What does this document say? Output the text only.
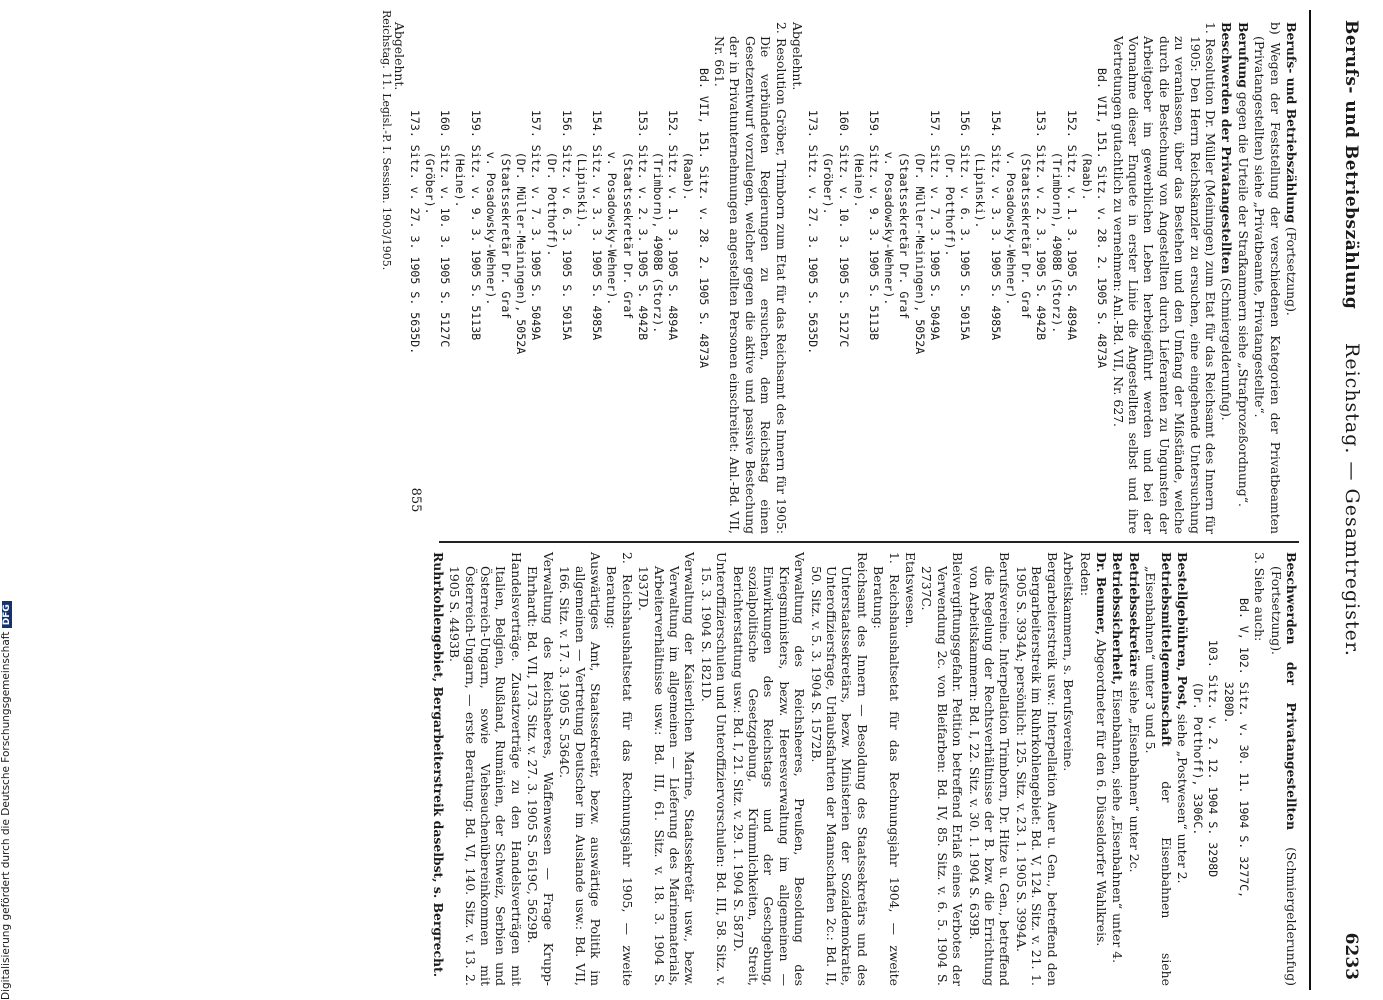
Berufs- und Betriebszählung
Reichstag. — Gesamtregister.
6233

Berufs- und Betriebszählung (Fortsetzung).

b) Wegen der Feststellung der verschiedenen Kategorien der Privatbeamten (Privatangestellten) siehe „Privatbeamte, Privatangestellte“.

Berufung gegen die Urteile der Strafkammern siehe „Strafprozeßordnung“.

Beschwerden der Privatangestellten (Schmiergelderunfug).

1. Resolution Dr. Müller (Meiningen) zum Etat für das Reichsamt des Innern für 1905: Den Herrn Reichskanzler zu ersuchen, eine eingehende Untersuchung zu veranlassen, über das Bestehen und den Umfang der Mißstände, welche durch die Bestechung von Angestellten durch Lieferanten zu Ungunsten der Arbeitgeber im gewerblichen Leben herbeigeführt werden und bei der Vornahme dieser Enquete in erster Linie die Angestellten selbst und ihre Vertretungen gutachtlich zu vernehmen: Anl.-Bd. VII, Nr. 627.

Bd. VII, 151. Sitz. v. 28. 2. 1905 S. 4873A
(Raab).
152. Sitz. v. 1. 3. 1905 S. 4894A
(Trimborn), 4908B (Storz).
153. Sitz. v. 2. 3. 1905 S. 4942B
(Staatssekretär Dr. Graf
v. Posadowsky-Wehner).
154. Sitz. v. 3. 3. 1905 S. 4985A
(Lipinski).
156. Sitz. v. 6. 3. 1905 S. 5015A
(Dr. Potthoff).
157. Sitz. v. 7. 3. 1905 S. 5049A
(Dr. Müller-Meiningen), 5052A
(Staatssekretär Dr. Graf
v. Posadowsky-Wehner).
159. Sitz. v. 9. 3. 1905 S. 5113B
(Heine).
160. Sitz. v. 10. 3. 1905 S. 5127C
(Gröber).
173. Sitz. v. 27. 3. 1905 S. 5635D.

Abgelehnt.

2. Resolution Gröber, Trimborn zum Etat für das Reichsamt des Innern für 1905: Die verbündeten Regierungen zu ersuchen, dem Reichstag einen Gesetzentwurf vorzulegen, welcher gegen die aktive und passive Bestechung der in Privatunternehmungen angestellten Personen einschreitet: Anl.-Bd. VII, Nr. 661.

Bd. VII, 151. Sitz. v. 28. 2. 1905 S. 4873A
(Raab).
152. Sitz. v. 1. 3. 1905 S. 4894A
(Trimborn), 4908B (Storz).
153. Sitz. v. 2. 3. 1905 S. 4942B
(Staatssekretär Dr. Graf
v. Posadowsky-Wehner).
154. Sitz. v. 3. 3. 1905 S. 4985A
(Lipinski).
156. Sitz. v. 6. 3. 1905 S. 5015A
(Dr. Potthoff).
157. Sitz. v. 7. 3. 1905 S. 5049A
(Dr. Müller-Meiningen), 5052A
(Staatssekretär Dr. Graf
v. Posadowsky-Wehner).
159. Sitz. v. 9. 3. 1905 S. 5113B
(Heine).
160. Sitz. v. 10. 3. 1905 S. 5127C
(Gröber).
173. Sitz. v. 27. 3. 1905 S. 5635D.

Abgelehnt.

Beschwerden der Privatangestellten (Schmiergelderunfug) (Fortsetzung).

3. Siehe auch:

Bd. V, 102. Sitz. v. 30. 11. 1904 S. 3277C,
3280D.
103. Sitz. v. 2. 12. 1904 S. 3298D
(Dr. Potthoff), 3306C.

Bestellgebühren, Post, siehe „Postwesen“ unter 2.

Betriebsmittelgemeinschaft der Eisenbahnen siehe „Eisenbahnen“ unter 3 und 5.

Betriebssekretäre siehe „Eisenbahnen“ unter 2c.

Betriebssicherheit, Eisenbahnen, siehe „Eisenbahnen“ unter 4.

Dr. Beumer, Abgeordneter für den 6. Düsseldorfer Wahlkreis.

Reden:

Arbeitskammern, s. Berufsvereine.

Bergarbeiterstreik usw.: Interpellation Auer u. Gen., betreffend den Bergarbeiterstreik im Ruhrkohlengebiet: Bd. V, 124. Sitz. v. 21. 1. 1905 S. 3934A; persönlich: 125. Sitz. v. 23. 1. 1905 S. 3994A.

Berufsvereine. Interpellation Trimborn, Dr. Hitze u. Gen., betreffend die Regelung der Rechtsverhältnisse der B. bzw. die Errichtung von Arbeitskammern: Bd. I, 22. Sitz. v. 30. 1. 1904 S. 639B.

Bleivergiftungsgefahr. Petition betreffend Erlaß eines Verbotes der Verwendung 2c. von Bleifarben: Bd. IV, 85. Sitz. v. 6. 5. 1904 S. 2737C.

Etatswesen.

1. Reichshaushaltsetat für das Rechnungsjahr 1904, — zweite Beratung:

Reichsamt des Innern — Besoldung des Staatssekretärs und des Unterstaatssekretärs, bezw. Ministerien der Sozialdemokratie, Unteroffiziersfrage, Urlaubsfahrten der Mannschaften 2c.: Bd. II, 50. Sitz. v. 5. 3. 1904 S. 1572B.

Verwaltung des Reichsheeres, Preußen, Besoldung des Kriegsministers, bezw. Heeresverwaltung im allgemeinen — Einwirkungen des Reichstags und der Geschgebung, sozialpolitische Gesetzgebung, Krümmlichkeiten, Streit, Berichterstattung usw.: Bd. I, 21. Sitz. v. 29. 1. 1904 S. 587D.

Unteroffizierschulen und Unteroffiziervorschulen: Bd. III, 58. Sitz. v. 15. 3. 1904 S. 1821D.

Verwaltung der Kaiserlichen Marine, Staatssekretär usw., bezw. Verwaltung im allgemeinen — Lieferung des Marinematerials, Arbeiterverhältnisse usw.: Bd. III, 61. Sitz. v. 18. 3. 1904 S. 1937D.

2. Reichshaushaltsetat für das Rechnungsjahr 1905, — zweite Beratung:

Auswärtiges Amt, Staatssekretär, bezw. auswärtige Politik im allgemeinen — Vertretung Deutscher im Auslande usw.: Bd. VII, 166. Sitz. v. 17. 3. 1905 S. 5364C.

Verwaltung des Reichsheeres, Waffenwesen — Frage Krupp-Ehrhardt: Bd. VII, 173. Sitz. v. 27. 3. 1905 S. 5619C, 5629B.

Handelsverträge. Zusatzverträge zu den Handelsverträgen mit Italien, Belgien, Rußland, Rumänien, der Schweiz, Serbien und Österreich-Ungarn, sowie Viehseuchenübereinkommen mit Österreich-Ungarn, — erste Beratung: Bd. VI, 140. Sitz. v. 13. 2. 1905 S. 4493B.

Ruhrkohlengebiet, Bergarbeiterstreik daselbst, s. Bergrecht.

855
Reichstag. 11. Legisl.-P. I. Session. 1903/1905.
Digitalisierung gefördert durch die Deutsche Forschungsgemeinschaft DFG
